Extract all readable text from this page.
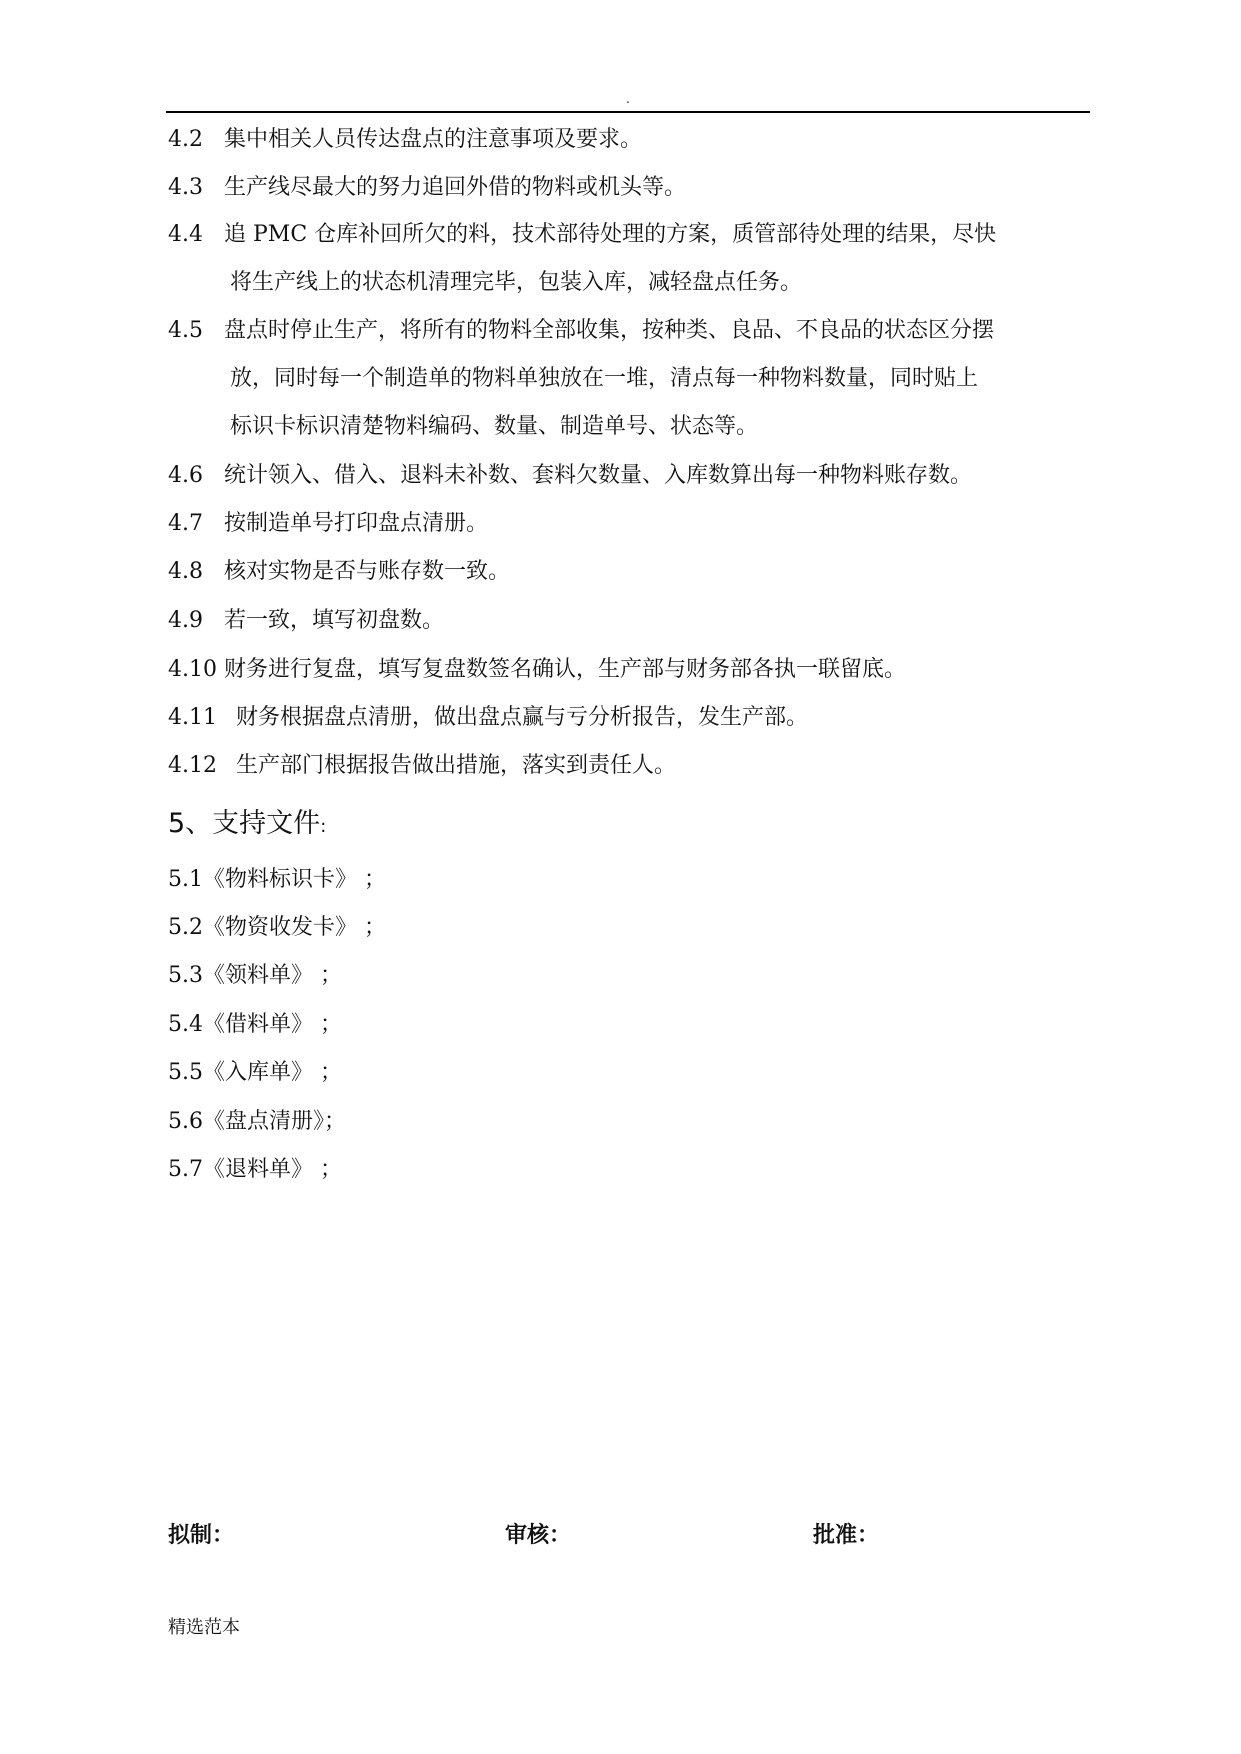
.
4.2 集中相关人员传达盘点的注意事项及要求。
4.3 生产线尽最大的努力追回外借的物料或机头等。
4.4 追 PMC 仓库补回所欠的料，技术部待处理的方案，质管部待处理的结果，尽快
将生产线上的状态机清理完毕，包装入库，减轻盘点任务。
4.5 盘点时停止生产，将所有的物料全部收集，按种类、良品、不良品的状态区分摆
放，同时每一个制造单的物料单独放在一堆，清点每一种物料数量，同时贴上
标识卡标识清楚物料编码、数量、制造单号、状态等。
4.6 统计领入、借入、退料未补数、套料欠数量、入库数算出每一种物料账存数。
4.7 按制造单号打印盘点清册。
4.8 核对实物是否与账存数一致。
4.9 若一致，填写初盘数。
4.10 财务进行复盘，填写复盘数签名确认，生产部与财务部各执一联留底。
4.11 财务根据盘点清册，做出盘点赢与亏分析报告，发生产部。
4.12 生产部门根据报告做出措施，落实到责任人。
5、支持文件:
5.1《物料标识卡》 ；
5.2《物资收发卡》 ；
5.3《领料单》 ；
5.4《借料单》 ；
5.5《入库单》 ；
5.6《盘点清册》；
5.7《退料单》 ；
拟制：	审核：	批准：
精选范本
